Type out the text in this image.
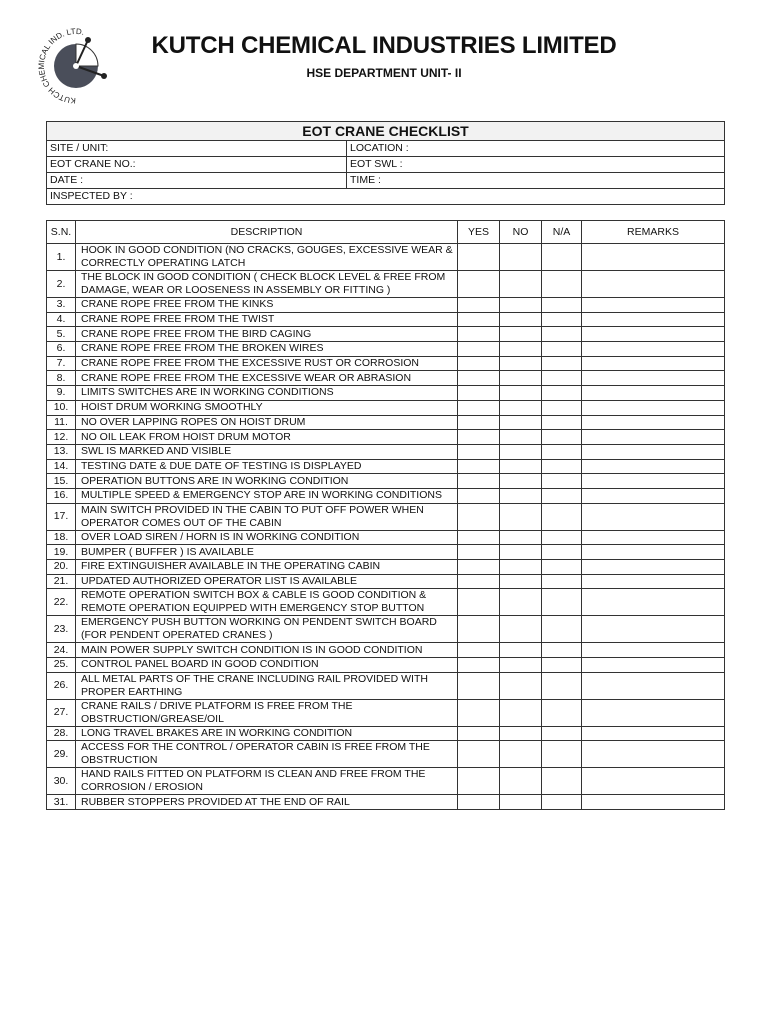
KUTCH CHEMICAL IND. LTD.	KUTCH CHEMICAL INDUSTRIES LIMITED
HSE DEPARTMENT UNIT- II
EOT CRANE CHECKLIST	
SITE / UNIT:	LOCATION :
EOT CRANE NO.:	EOT SWL :
DATE :	TIME :
INSPECTED BY :	
S.N.	DESCRIPTION	YES	NO	N/A	REMARKS
1.	HOOK IN GOOD CONDITION (NO CRACKS, GOUGES, EXCESSIVE WEAR & CORRECTLY OPERATING LATCH				
2.	THE BLOCK IN GOOD CONDITION ( CHECK BLOCK LEVEL & FREE FROM DAMAGE, WEAR OR LOOSENESS IN ASSEMBLY OR FITTING )				
3.	CRANE ROPE FREE FROM THE KINKS				
4.	CRANE ROPE FREE FROM THE TWIST				
5.	CRANE ROPE FREE FROM THE BIRD CAGING				
6.	CRANE ROPE FREE FROM THE BROKEN WIRES				
7.	CRANE ROPE FREE FROM THE EXCESSIVE RUST OR CORROSION				
8.	CRANE ROPE FREE FROM THE EXCESSIVE WEAR OR ABRASION				
9.	LIMITS SWITCHES ARE IN WORKING CONDITIONS				
10.	HOIST DRUM WORKING SMOOTHLY				
11.	NO OVER LAPPING ROPES ON HOIST DRUM				
12.	NO OIL LEAK FROM HOIST DRUM MOTOR				
13.	SWL IS MARKED AND VISIBLE				
14.	TESTING DATE & DUE DATE OF TESTING IS DISPLAYED				
15.	OPERATION BUTTONS ARE IN WORKING CONDITION				
16.	MULTIPLE SPEED & EMERGENCY STOP ARE IN WORKING CONDITIONS				
17.	MAIN SWITCH PROVIDED IN THE CABIN TO PUT OFF POWER WHEN OPERATOR COMES OUT OF THE CABIN				
18.	OVER LOAD SIREN / HORN IS IN WORKING CONDITION				
19.	BUMPER ( BUFFER ) IS AVAILABLE				
20.	FIRE EXTINGUISHER AVAILABLE IN THE OPERATING CABIN				
21.	UPDATED AUTHORIZED OPERATOR LIST IS AVAILABLE				
22.	REMOTE OPERATION SWITCH BOX & CABLE IS GOOD CONDITION & REMOTE OPERATION EQUIPPED WITH EMERGENCY STOP BUTTON				
23.	EMERGENCY PUSH BUTTON WORKING ON PENDENT SWITCH BOARD (FOR PENDENT OPERATED CRANES )				
24.	MAIN POWER SUPPLY SWITCH CONDITION IS IN GOOD CONDITION				
25.	CONTROL PANEL BOARD IN GOOD CONDITION				
26.	ALL METAL PARTS OF THE CRANE INCLUDING RAIL PROVIDED WITH PROPER EARTHING				
27.	CRANE RAILS / DRIVE PLATFORM IS FREE FROM THE OBSTRUCTION/GREASE/OIL				
28.	LONG TRAVEL BRAKES ARE IN WORKING CONDITION				
29.	ACCESS FOR THE CONTROL / OPERATOR CABIN IS FREE FROM THE OBSTRUCTION				
30.	HAND RAILS FITTED ON PLATFORM IS CLEAN AND FREE FROM THE CORROSION / EROSION				
31.	RUBBER STOPPERS PROVIDED AT THE END OF RAIL				
